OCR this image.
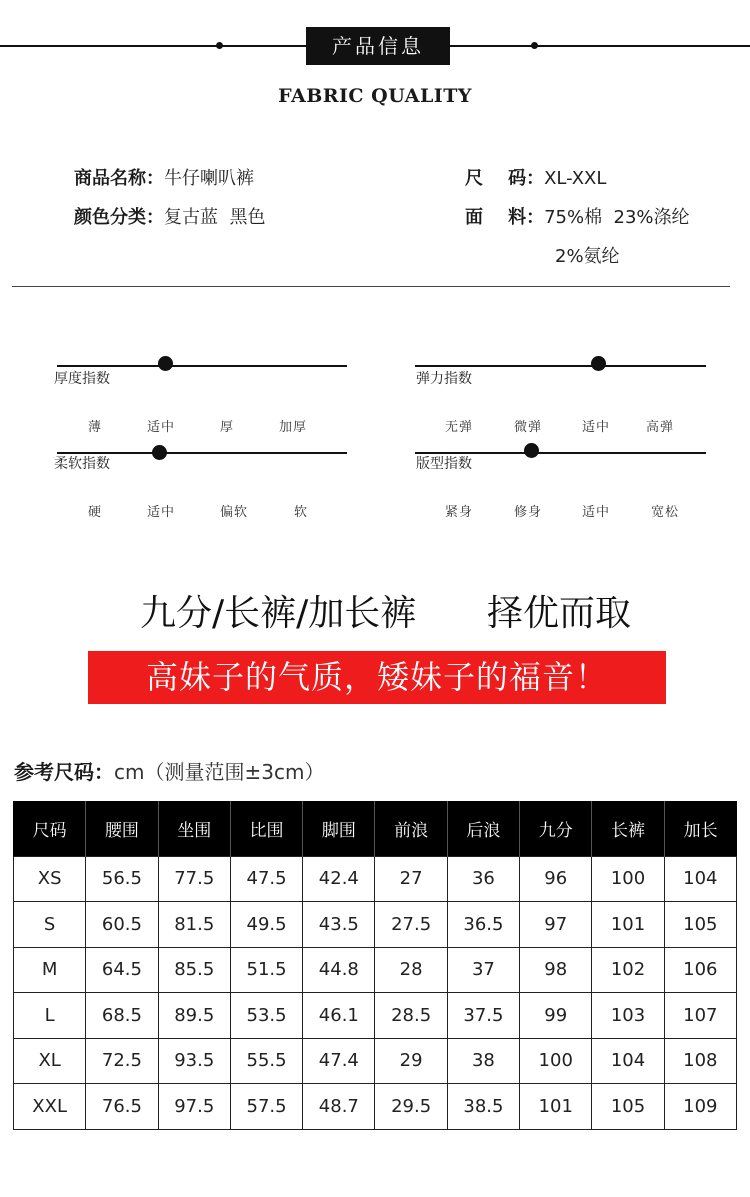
产品信息
FABRIC QUALITY
商品名称：牛仔喇叭裤
颜色分类：复古蓝  黑色
尺    码：XL-XXL
面    料：75%棉  23%涤纶
2%氨纶
厚度指数
薄	适中	厚	加厚
弹力指数
无弹	微弹	适中	高弹
柔软指数
硬	适中	偏软	软
版型指数
紧身	修身	适中	宽松
九分/长裤/加长裤 择优而取
高妹子的气质，矮妹子的福音！
参考尺码：cm（测量范围±3cm）
尺码	腰围	坐围	比围	脚围	前浪	后浪	九分	长裤	加长
XS	56.5	77.5	47.5	42.4	27	36	96	100	104
S	60.5	81.5	49.5	43.5	27.5	36.5	97	101	105
M	64.5	85.5	51.5	44.8	28	37	98	102	106
L	68.5	89.5	53.5	46.1	28.5	37.5	99	103	107
XL	72.5	93.5	55.5	47.4	29	38	100	104	108
XXL	76.5	97.5	57.5	48.7	29.5	38.5	101	105	109
